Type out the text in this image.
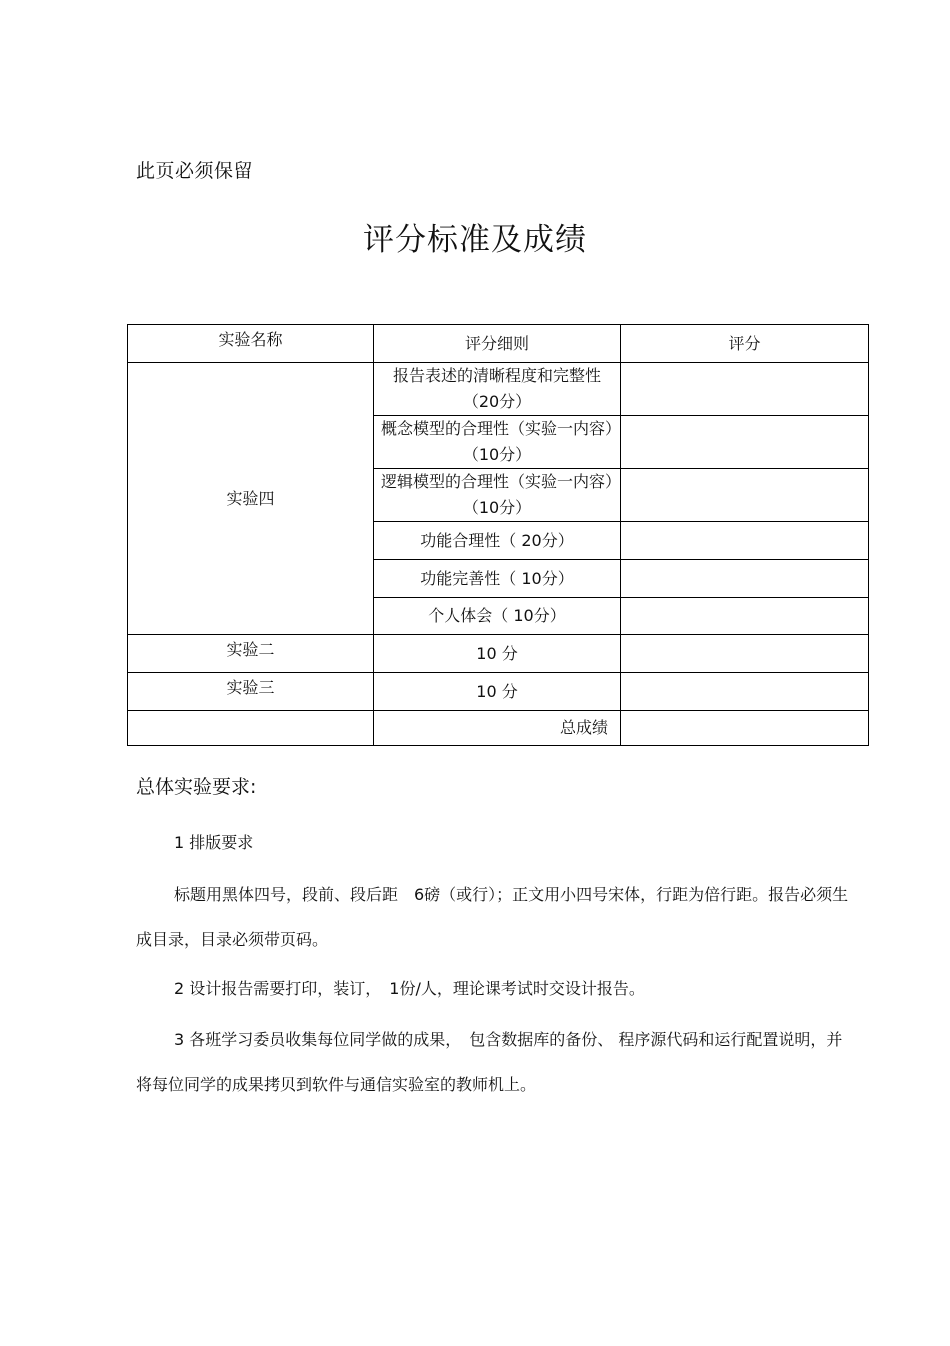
此页必须保留
评分标准及成绩
实验名称	评分细则	评分
实验四	报告表述的清晰程度和完整性（20分）	
	概念模型的合理性（实验一内容）（10分）	
	逻辑模型的合理性（实验一内容）（10分）	
	功能合理性（ 20分）	
	功能完善性（ 10分）	
	个人体会（ 10分）	
实验二	10 分	
实验三	10 分	
	总成绩	
总体实验要求:

1 排版要求

标题用黑体四号，段前、段后距　6磅（或行）；正文用小四号宋体，行距为倍行距。报告必须生成目录，目录必须带页码。

2 设计报告需要打印，装订，　1份/人，理论课考试时交设计报告。

3 各班学习委员收集每位同学做的成果，　包含数据库的备份、 程序源代码和运行配置说明，并将每位同学的成果拷贝到软件与通信实验室的教师机上。
